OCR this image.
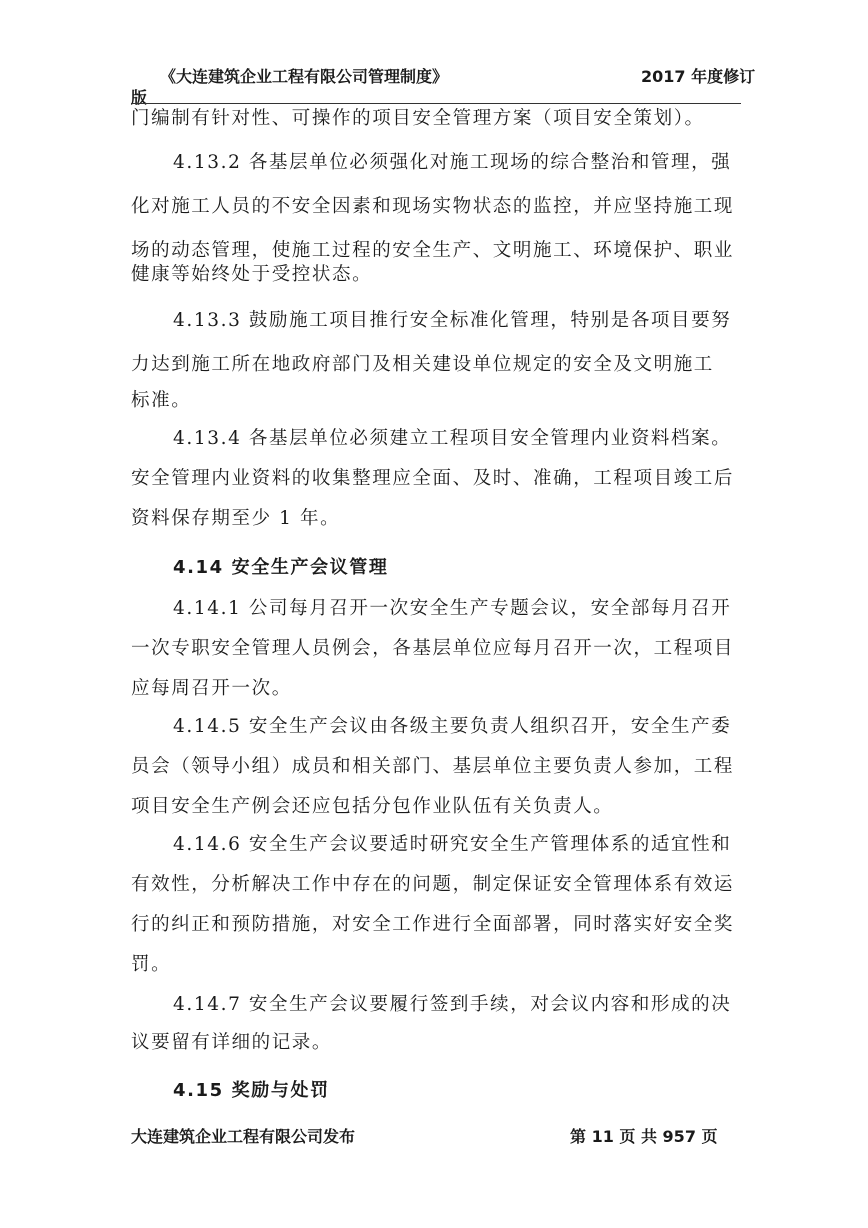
《大连建筑企业工程有限公司管理制度》	2017 年度修订
版
门编制有针对性、可操作的项目安全管理方案（项目安全策划）。
4.13.2 各基层单位必须强化对施工现场的综合整治和管理，强
化对施工人员的不安全因素和现场实物状态的监控，并应坚持施工现
场的动态管理，使施工过程的安全生产、文明施工、环境保护、职业
健康等始终处于受控状态。
4.13.3 鼓励施工项目推行安全标准化管理，特别是各项目要努
力达到施工所在地政府部门及相关建设单位规定的安全及文明施工
标准。
4.13.4 各基层单位必须建立工程项目安全管理内业资料档案。
安全管理内业资料的收集整理应全面、及时、准确，工程项目竣工后
资料保存期至少 1 年。
4.14 安全生产会议管理
4.14.1 公司每月召开一次安全生产专题会议，安全部每月召开
一次专职安全管理人员例会，各基层单位应每月召开一次，工程项目
应每周召开一次。
4.14.5 安全生产会议由各级主要负责人组织召开，安全生产委
员会（领导小组）成员和相关部门、基层单位主要负责人参加，工程
项目安全生产例会还应包括分包作业队伍有关负责人。
4.14.6 安全生产会议要适时研究安全生产管理体系的适宜性和
有效性，分析解决工作中存在的问题，制定保证安全管理体系有效运
行的纠正和预防措施，对安全工作进行全面部署，同时落实好安全奖
罚。
4.14.7 安全生产会议要履行签到手续，对会议内容和形成的决
议要留有详细的记录。
4.15 奖励与处罚
大连建筑企业工程有限公司发布	第 11 页 共 957 页
